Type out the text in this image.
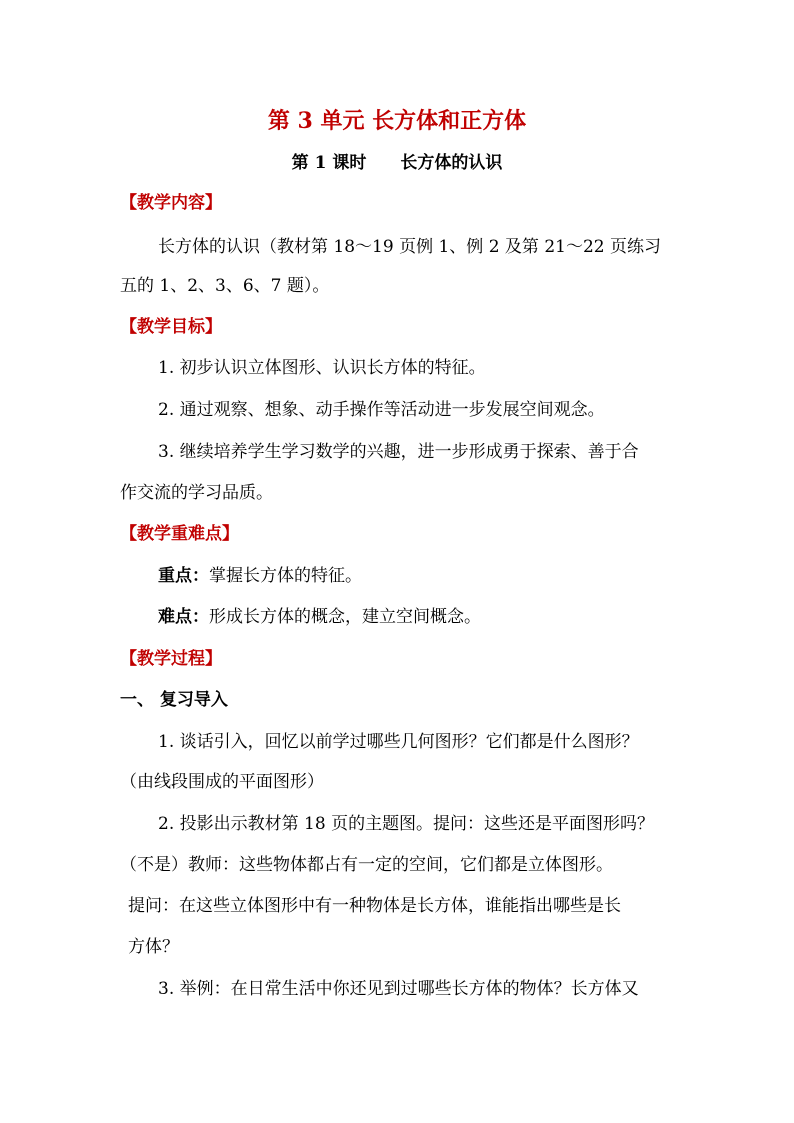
第 3 单元 长方体和正方体
第 1 课时 长方体的认识
【教学内容】
长方体的认识（教材第 18～19 页例 1、例 2 及第 21～22 页练习
五的 1、2、3、6、7 题）。
【教学目标】
1. 初步认识立体图形、认识长方体的特征。
2. 通过观察、想象、动手操作等活动进一步发展空间观念。
3. 继续培养学生学习数学的兴趣，进一步形成勇于探索、善于合
作交流的学习品质。
【教学重难点】
重点：掌握长方体的特征。
难点：形成长方体的概念，建立空间概念。
【教学过程】
一、 复习导入
1. 谈话引入，回忆以前学过哪些几何图形？它们都是什么图形？
（由线段围成的平面图形）
2. 投影出示教材第 18 页的主题图。提问：这些还是平面图形吗？
（不是）教师：这些物体都占有一定的空间，它们都是立体图形。
提问：在这些立体图形中有一种物体是长方体，谁能指出哪些是长
方体？
3. 举例：在日常生活中你还见到过哪些长方体的物体？长方体又
